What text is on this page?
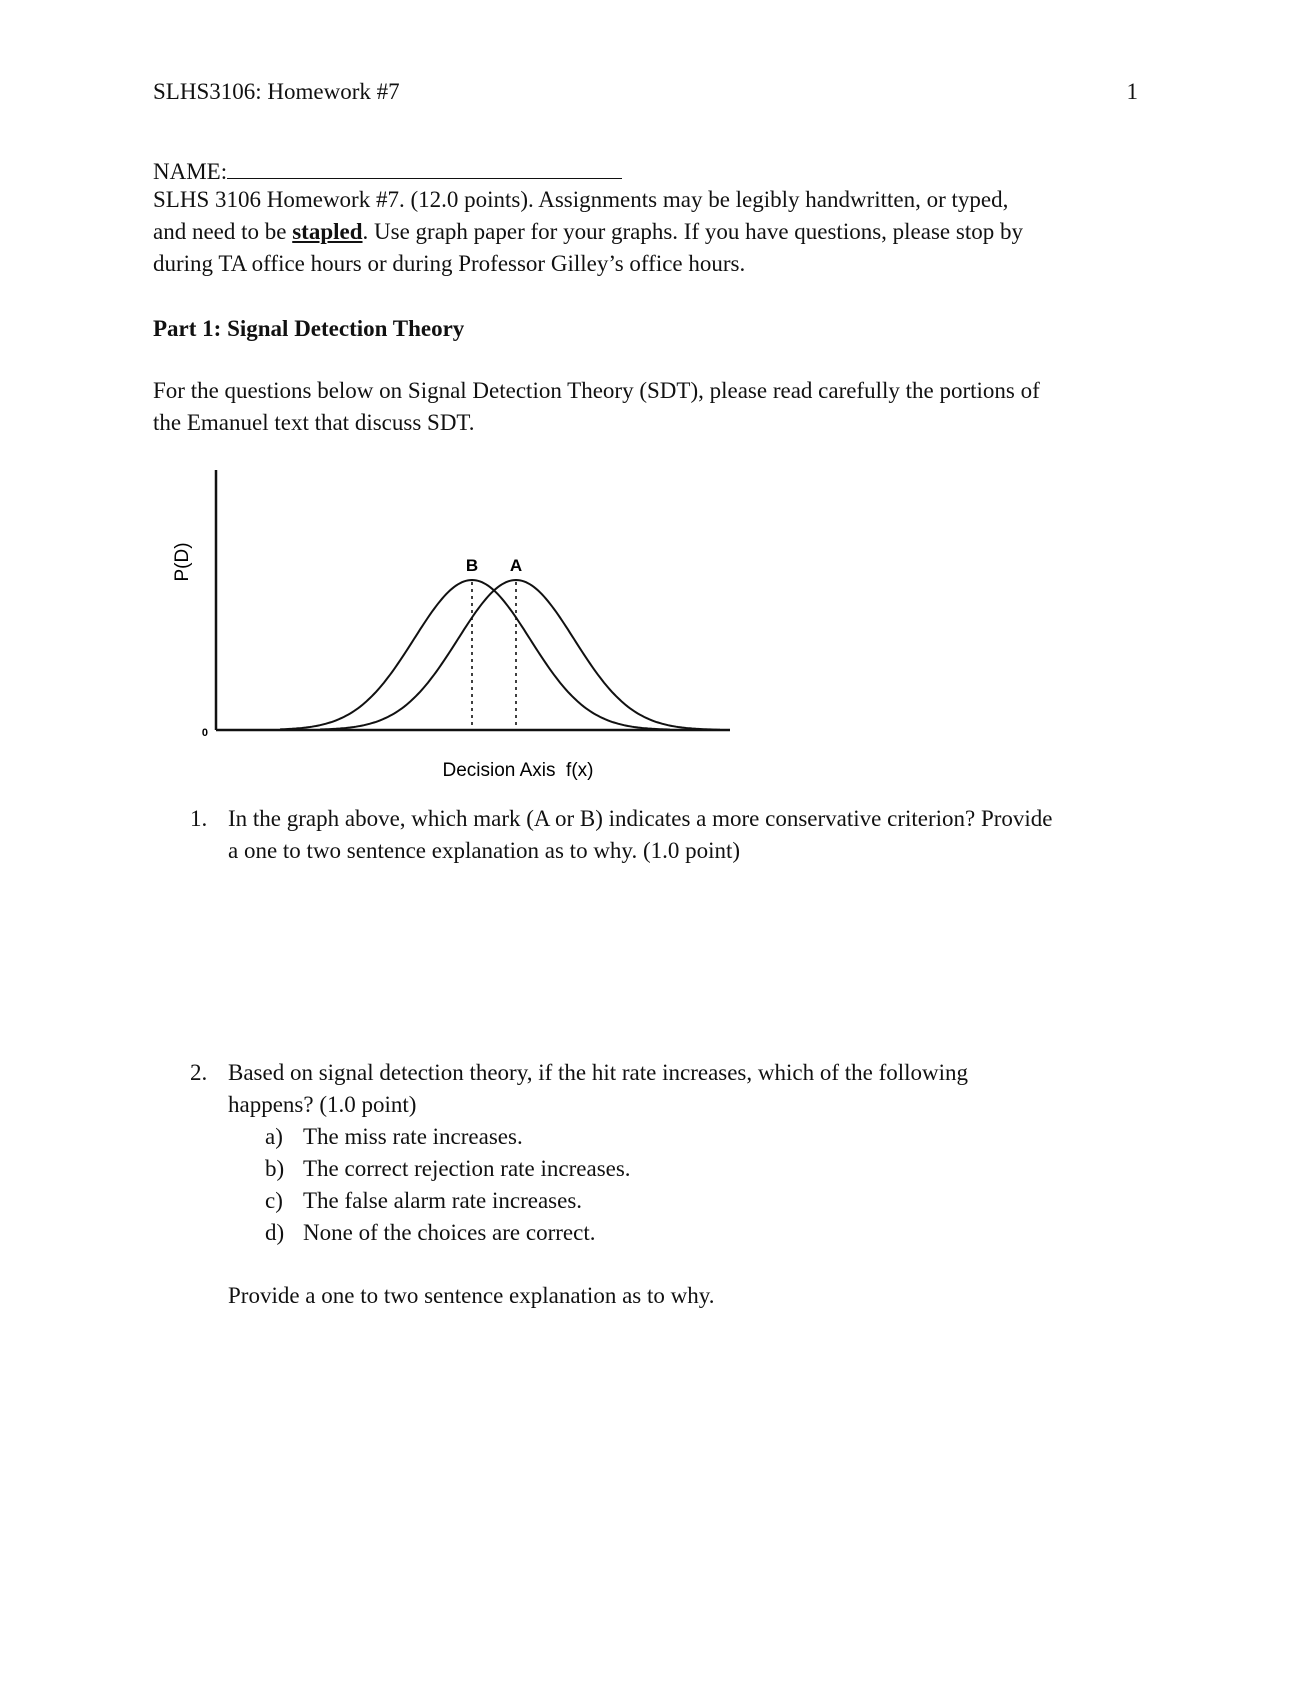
SLHS3106: Homework #7	1
NAME:
SLHS 3106 Homework #7. (12.0 points). Assignments may be legibly handwritten, or typed,
and need to be stapled. Use graph paper for your graphs. If you have questions, please stop by
during TA office hours or during Professor Gilley’s office hours.
Part 1: Signal Detection Theory
For the questions below on Signal Detection Theory (SDT), please read carefully the portions of
the Emanuel text that discuss SDT.
P(D)
0
Decision Axis  f(x)
B A
1. In the graph above, which mark (A or B) indicates a more conservative criterion? Provide
a one to two sentence explanation as to why. (1.0 point)
2. Based on signal detection theory, if the hit rate increases, which of the following
happens? (1.0 point)
a) The miss rate increases.
b) The correct rejection rate increases.
c) The false alarm rate increases.
d) None of the choices are correct.
Provide a one to two sentence explanation as to why.
